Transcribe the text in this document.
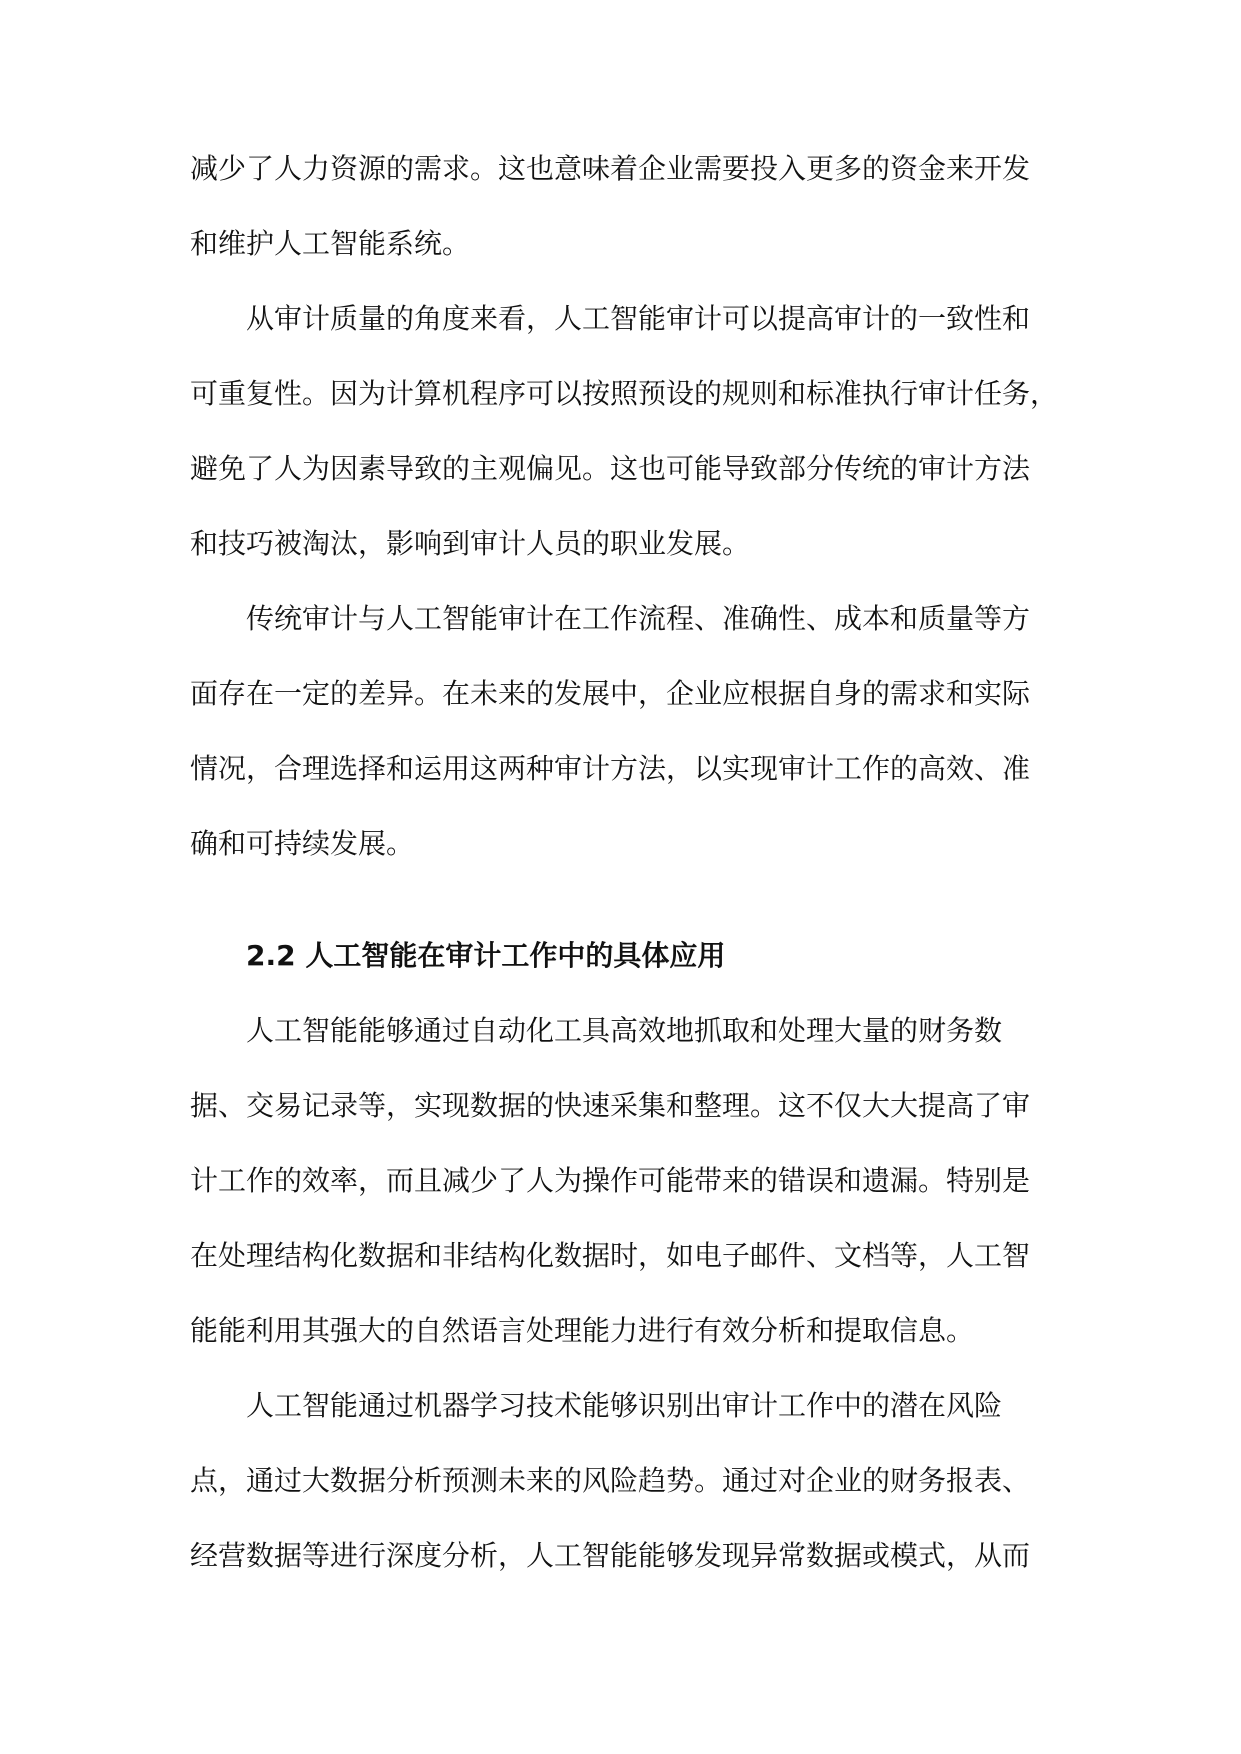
减少了人力资源的需求。这也意味着企业需要投入更多的资金来开发
和维护人工智能系统。
从审计质量的角度来看，人工智能审计可以提高审计的一致性和
可重复性。因为计算机程序可以按照预设的规则和标准执行审计任务，
避免了人为因素导致的主观偏见。这也可能导致部分传统的审计方法
和技巧被淘汰，影响到审计人员的职业发展。
传统审计与人工智能审计在工作流程、准确性、成本和质量等方
面存在一定的差异。在未来的发展中，企业应根据自身的需求和实际
情况，合理选择和运用这两种审计方法，以实现审计工作的高效、准
确和可持续发展。
2.2 人工智能在审计工作中的具体应用
人工智能能够通过自动化工具高效地抓取和处理大量的财务数
据、交易记录等，实现数据的快速采集和整理。这不仅大大提高了审
计工作的效率，而且减少了人为操作可能带来的错误和遗漏。特别是
在处理结构化数据和非结构化数据时，如电子邮件、文档等，人工智
能能利用其强大的自然语言处理能力进行有效分析和提取信息。
人工智能通过机器学习技术能够识别出审计工作中的潜在风险
点，通过大数据分析预测未来的风险趋势。通过对企业的财务报表、
经营数据等进行深度分析，人工智能能够发现异常数据或模式，从而
